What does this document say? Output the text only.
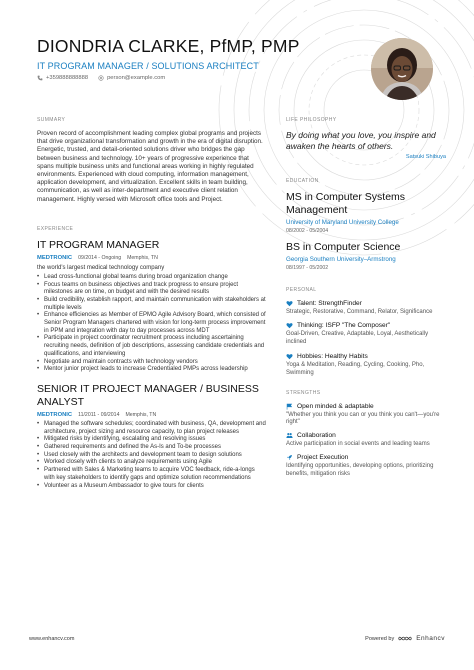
DIONDRIA CLARKE, PfMP, PMP
IT PROGRAM MANAGER / SOLUTIONS ARCHITECT
+359888888888	person@example.com
SUMMARY
Proven record of accomplishment leading complex global programs and projects that drive organizational transformation and growth in the era of digital disruption. Energetic, trusted, and detail-oriented solutions driver who bridges the gap between business and technology. 10+ years of progressive experience that spans multiple business units and functional areas working in highly regulated environments. Experienced with cloud computing, information management, application development, and virtualization. Excellent skills in team building, communication, as well as inter-department and executive client relation management. Highly versed with Microsoft office tools and Project.
EXPERIENCE
IT PROGRAM MANAGER
MEDTRONIC 09/2014 - Ongoing Memphis, TN
the world's largest medical technology company
• Lead cross-functional global teams during broad organization change
• Focus teams on business objectives and track progress to ensure project milestones are on time, on budget and with the desired results
• Build credibility, establish rapport, and maintain communication with stakeholders at multiple levels
• Enhance efficiencies as Member of EPMO Agile Advisory Board, which consisted of Senior Program Managers chartered with vision for long-term process improvement in PPM and integration with day to day processes across MDT
• Participate in project coordinator recruitment process including ascertaining recruiting needs, definition of job descriptions, assessing candidate credentials and qualifications, and interviewing
• Negotiate and maintain contracts with technology vendors
• Mentor junior project leads to increase Credentialed PMPs across leadership
SENIOR IT PROJECT MANAGER / BUSINESS ANALYST
MEDTRONIC 11/2011 - 09/2014 Memphis, TN
• Managed the software schedules; coordinated with business, QA, development and architecture, project sizing and resource capacity, to plan project releases
• Mitigated risks by identifying, escalating and resolving issues
• Gathered requirements and defined the As-Is and To-be processes
• Used closely with the architects and development team to design solutions
• Worked closely with clients to analyze requirements using Agile
• Partnered with Sales & Marketing teams to acquire VOC feedback, ride-a-longs with key stakeholders to identify gaps and optimize solution recommendations
• Volunteer as a Museum Ambassador to give tours for clients
LIFE PHILOSOPHY
By doing what you love, you inspire and awaken the hearts of others.
Satsuki Shibuya
EDUCATION
MS in Computer Systems Management
University of Maryland University College
08/2002 - 05/2004
BS in Computer Science
Georgia Southern University–Armstrong
08/1997 - 05/2002
PERSONAL
Talent: StrengthFinder
Strategic, Restorative, Command, Relator, Significance
Thinking: ISFP "The Composer"
Goal-Driven, Creative, Adaptable, Loyal, Aesthetically inclined
Hobbies: Healthy Habits
Yoga & Meditation, Reading, Cycling, Cooking, Pho, Swimming
STRENGTHS
Open minded & adaptable
"Whether you think you can or you think you can't—you're right"
Collaboration
Active participation in social events and leading teams
Project Execution
Identifying opportunities, developing options, prioritizing benefits, mitigation risks
www.enhancv.com	Powered by	Enhancv
